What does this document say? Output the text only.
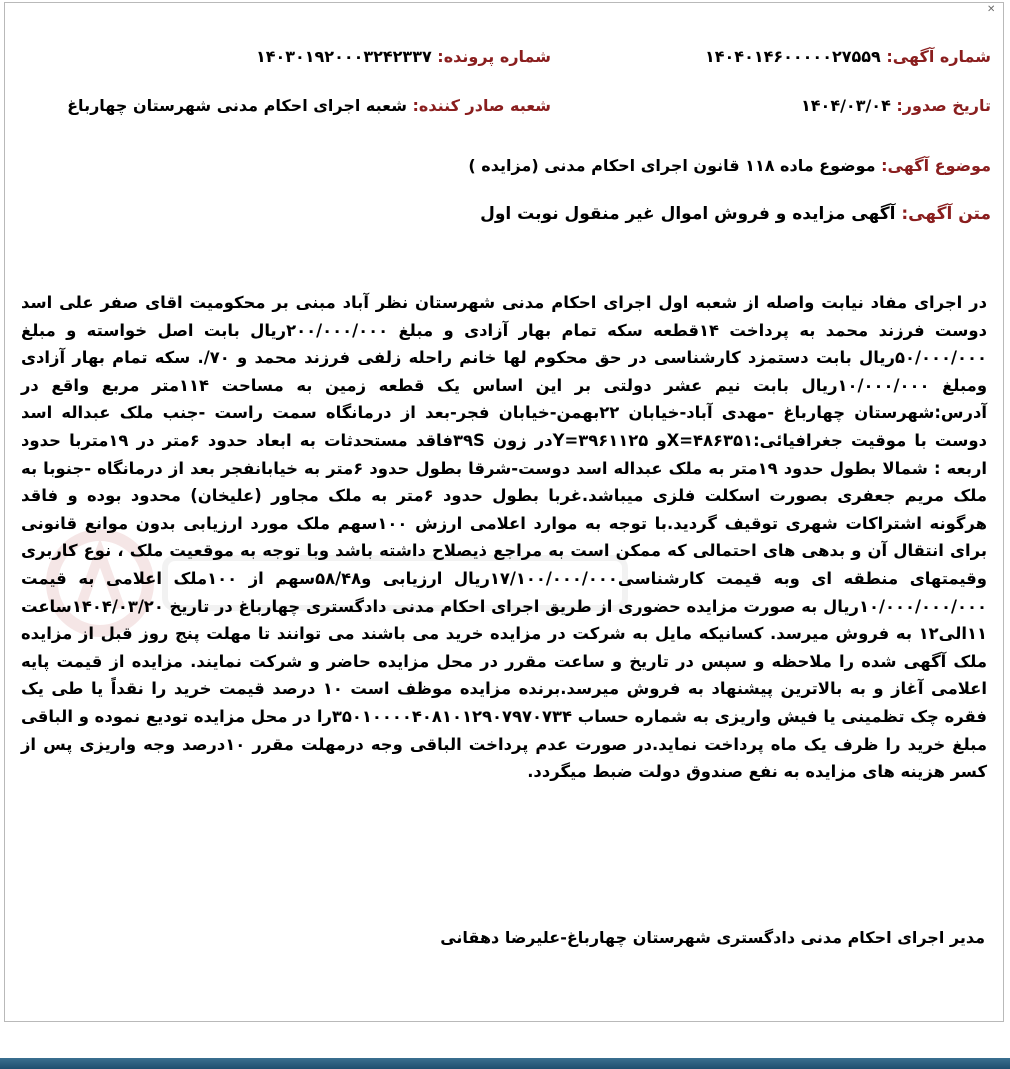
✕
شماره آگهی: ۱۴۰۴۰۱۴۶۰۰۰۰۰۲۷۵۵۹
شماره پرونده: ۱۴۰۳۰۱۹۲۰۰۰۳۲۴۲۳۳۷
تاریخ صدور: ۱۴۰۴/۰۳/۰۴
شعبه صادر کننده: شعبه اجرای احکام مدنی شهرستان چهارباغ
موضوع آگهی: موضوع ماده ۱۱۸ قانون اجرای احکام مدنی (مزایده )
متن آگهی: آگهی مزایده و فروش اموال غیر منقول نوبت اول

در اجرای مفاد نیابت واصله از شعبه اول اجرای احکام مدنی شهرستان نظر آباد مبنی بر محکومیت اقای صفر علی اسد دوست فرزند محمد به پرداخت ۱۴قطعه سکه تمام بهار آزادی و مبلغ ۲۰۰/۰۰۰/۰۰۰ریال بابت اصل خواسته و مبلغ ۵۰/۰۰۰/۰۰۰ریال بابت دستمزد کارشناسی در حق محکوم لها خانم راحله زلفی فرزند محمد و ۷۰/. سکه تمام بهار آزادی ومبلغ ۱۰/۰۰۰/۰۰۰ریال بابت نیم عشر دولتی بر این اساس یک قطعه زمین به مساحت ۱۱۴متر مربع واقع در آدرس:شهرستان چهارباغ -مهدی آباد-خیابان ۲۲بهمن-خیابان فجر-بعد از درمانگاه سمت راست -جنب ملک عبداله اسد دوست با موقیت جغرافیائی:X=۴۸۶۳۵۱و Y=۳۹۶۱۱۲۵در زون ۳۹Sفاقد مستحدثات به ابعاد حدود ۶متر در ۱۹متربا حدود اربعه : شمالا بطول حدود ۱۹متر به ملک عبداله اسد دوست-شرقا بطول حدود ۶متر به خیابانفجر بعد از درمانگاه -جنوبا به ملک مریم جعفری بصورت اسکلت فلزی میباشد.غربا بطول حدود ۶متر به ملک مجاور (علیخان) محدود بوده و فاقد هرگونه اشتراکات شهری توقیف گردید.با توجه به موارد اعلامی ارزش ۱۰۰سهم ملک مورد ارزیابی بدون موانع قانونی برای انتقال آن و بدهی های احتمالی که ممکن است به مراجع ذیصلاح داشته باشد وبا توجه به موقعیت ملک ، نوع کاربری وقیمتهای منطقه ای وبه قیمت کارشناسی۱۷/۱۰۰/۰۰۰/۰۰۰ریال ارزیابی و۵۸/۴۸سهم از ۱۰۰ملک اعلامی به قیمت ۱۰/۰۰۰/۰۰۰/۰۰۰ریال به صورت مزایده حضوری از طریق اجرای احکام مدنی دادگستری چهارباغ در تاریخ ۱۴۰۴/۰۳/۲۰ساعت ۱۱الی۱۲ به فروش میرسد. کسانیکه مایل به شرکت در مزایده خرید می باشند می توانند تا مهلت پنج روز قبل از مزایده ملک آگهی شده را ملاحظه و سپس در تاریخ و ساعت مقرر در محل مزایده حاضر و شرکت نمایند. مزایده از قیمت پایه اعلامی آغاز و به بالاترین پیشنهاد به فروش میرسد.برنده مزایده موظف است ۱۰ درصد قیمت خرید را نقداً یا طی یک فقره چک تظمینی یا فیش واریزی به شماره حساب ۳۵۰۱۰۰۰۰۴۰۸۱۰۱۲۹۰۷۹۷۰۷۳۴را در محل مزایده تودیع نموده و الباقی مبلغ خرید را ظرف یک ماه پرداخت نماید.در صورت عدم پرداخت الباقی وجه درمهلت مقرر ۱۰درصد وجه واریزی پس از کسر هزینه های مزایده به نفع صندوق دولت ضبط میگردد.

مدیر اجرای احکام مدنی دادگستری شهرستان چهارباغ-علیرضا دهقانی
